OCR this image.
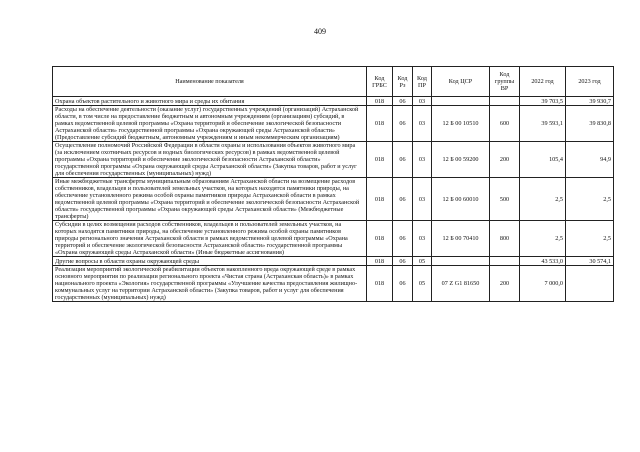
409
Наименование показателя	Код ГРБС	Код Рз	Код ПР	Код ЦСР	Код группы ВР	2022 год	2023 год
Охрана объектов растительного и животного мира и среды их обитания	018	06	03			39 703,5	39 930,7
Расходы на обеспечение деятельности (оказание услуг) государственных учреждений (организаций) Астраханской области, в том числе на предоставление бюджетным и автономным учреждениям (организациям) субсидий, в рамках ведомственной целевой программы «Охрана территорий и обеспечение экологической безопасности Астраханской области» государственной программы «Охрана окружающей среды Астраханской области» (Предоставление субсидий бюджетным, автономным учреждениям и иным некоммерческим организациям)	018	06	03	12 Б 00 10510	600	39 593,1	39 830,8
Осуществление полномочий Российской Федерации в области охраны и использования объектов животного мира (за исключением охотничьих ресурсов и водных биологических ресурсов) в рамках ведомственной целевой программы «Охрана территорий и обеспечение экологической безопасности Астраханской области» государственной программы «Охрана окружающей среды Астраханской области» (Закупка товаров, работ и услуг для обеспечения государственных (муниципальных) нужд)	018	06	03	12 Б 00 59200	200	105,4	94,9
Иные межбюджетные трансферты муниципальным образованиям Астраханской области на возмещение расходов собственников, владельцев и пользователей земельных участков, на которых находятся памятники природы, на обеспечение установленного режима особой охраны памятников природы Астраханской области в рамках ведомственной целевой программы «Охрана территорий и обеспечение экологической безопасности Астраханской области» государственной программы «Охрана окружающей среды Астраханской области» (Межбюджетные трансферты)	018	06	03	12 Б 00 60010	500	2,5	2,5
Субсидии в целях возмещения расходов собственников, владельцев и пользователей земельных участков, на которых находятся памятники природы, на обеспечение установленного режима особой охраны памятников природы регионального значения Астраханской области в рамках ведомственной целевой программы «Охрана территорий и обеспечение экологической безопасности Астраханской области» государственной программы «Охрана окружающей среды Астраханской области» (Иные бюджетные ассигнования)	018	06	03	12 Б 00 70410	800	2,5	2,5
Другие вопросы в области охраны окружающей среды	018	06	05			43 533,0	30 574,1
Реализация мероприятий экологической реабилитации объектов накопленного вреда окружающей среде в рамках основного мероприятия по реализации регионального проекта «Чистая страна (Астраханская область)» в рамках национального проекта «Экология» государственной программы «Улучшение качества предоставления жилищно-коммунальных услуг на территории Астраханской области» (Закупка товаров, работ и услуг для обеспечения государственных (муниципальных) нужд)	018	06	05	07 Z G1 81650	200	7 000,0	
